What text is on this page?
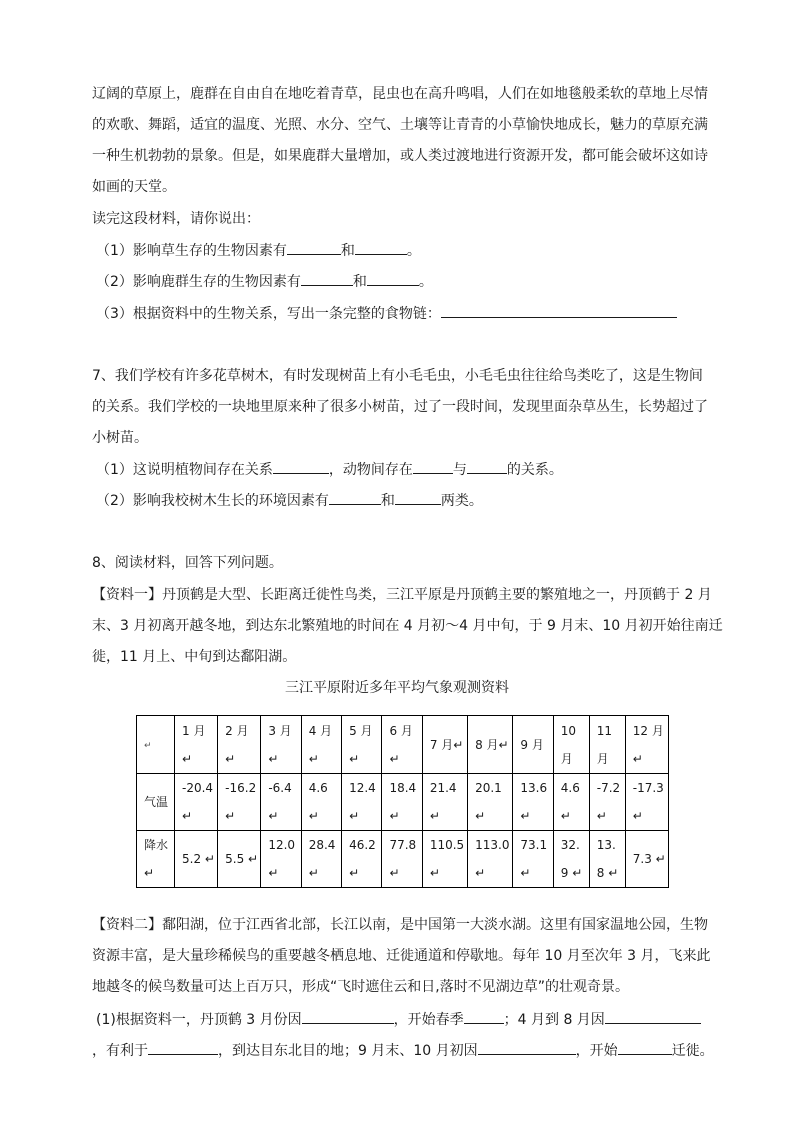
辽阔的草原上，鹿群在自由自在地吃着青草，昆虫也在高升鸣唱，人们在如地毯般柔软的草地上尽情
的欢歌、舞蹈，适宜的温度、光照、水分、空气、土壤等让青青的小草愉快地成长，魅力的草原充满
一种生机勃勃的景象。但是，如果鹿群大量增加，或人类过渡地进行资源开发，都可能会破坏这如诗
如画的天堂。
读完这段材料，请你说出：
（1）影响草生存的生物因素有	和	。
（2）影响鹿群生存的生物因素有	和	。
（3）根据资料中的生物关系，写出一条完整的食物链：
7、我们学校有许多花草树木，有时发现树苗上有小毛毛虫，小毛毛虫往往给鸟类吃了，这是生物间
的关系。我们学校的一块地里原来种了很多小树苗，过了一段时间，发现里面杂草丛生，长势超过了
小树苗。
（1）这说明植物间存在关系	，动物间存在	与	的关系。
（2）影响我校树木生长的环境因素有	和	两类。
8、阅读材料，回答下列问题。
【资料一】丹顶鹤是大型、长距离迁徙性鸟类，三江平原是丹顶鹤主要的繁殖地之一，丹顶鹤于 2 月
末、3 月初离开越冬地，到达东北繁殖地的时间在 4 月初～4 月中旬，于 9 月末、10 月初开始往南迁
徙，11 月上、中旬到达鄱阳湖。
三江平原附近多年平均气象观测资料
↵	1 月↵	2 月↵	3 月↵	4 月↵	5 月↵	6 月↵	7 月↵	8 月↵	9 月	10 月	11 月	12 月↵
气温	-20.4 ↵	-16.2 ↵	-6.4 ↵	4.6 ↵	12.4 ↵	18.4 ↵	21.4 ↵	20.1 ↵	13.6 ↵	4.6 ↵	-7.2 ↵	-17.3 ↵
降水↵	5.2 ↵	5.5 ↵	12.0 ↵	28.4 ↵	46.2 ↵	77.8 ↵	110.5 ↵	113.0 ↵	73.1 ↵	32.9 ↵	13.8 ↵	7.3 ↵
【资料二】鄱阳湖，位于江西省北部，长江以南，是中国第一大淡水湖。这里有国家温地公园，生物
资源丰富，是大量珍稀候鸟的重要越冬栖息地、迁徙通道和停歇地。每年 10 月至次年 3 月，飞来此
地越冬的候鸟数量可达上百万只，形成“飞时遮住云和日,落时不见湖边草”的壮观奇景。
(1)根据资料一，丹顶鹤 3 月份因	，开始春季	；4 月到 8 月因
，有利于	，到达目东北目的地；9 月末、10 月初因	，开始	迁徙。
